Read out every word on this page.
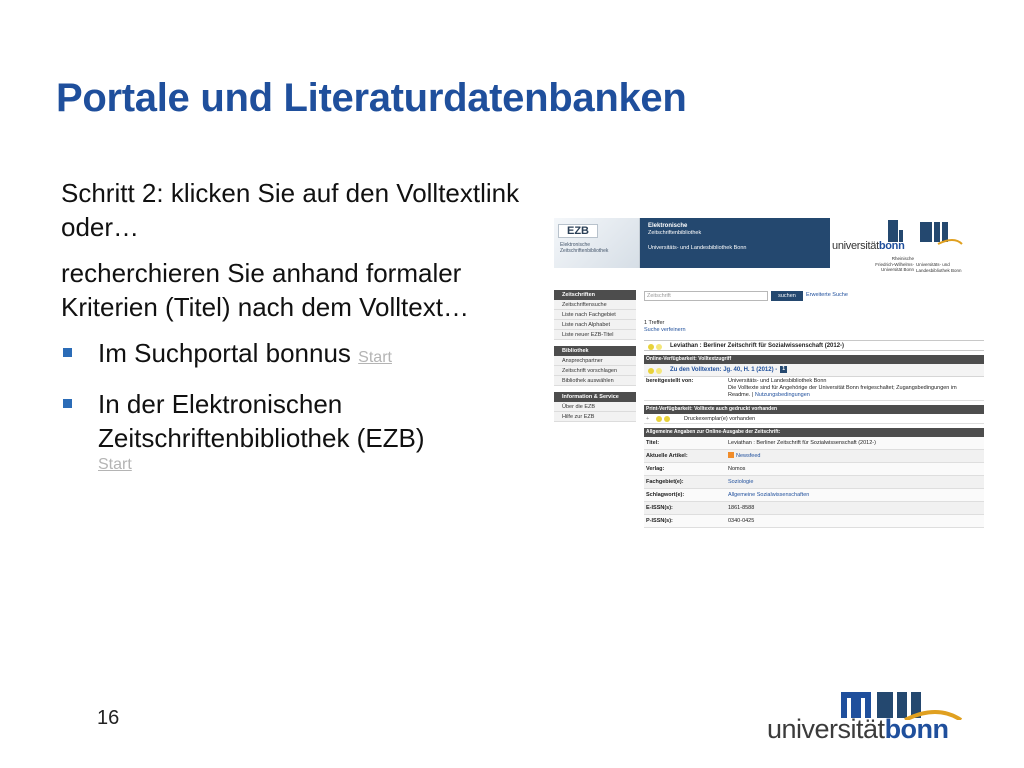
Portale und Literaturdatenbanken

Schritt 2: klicken Sie auf den Volltextlink oder…

recherchieren Sie anhand formaler Kriterien (Titel) nach dem Volltext…

Im Suchportal bonnus Start
In der Elektronischen Zeitschriftenbibliothek (EZB)
Start
EZB
Elektronische Zeitschriftenbibliothek
Elektronische
Zeitschriftenbibliothek
Universitäts- und Landesbibliothek Bonn	universitätbonn
Rheinische Friedrich-Wilhelms- Universität Bonn
Universitäts- und Landesbibliothek Bonn
Zeitschriften
Zeitschriftensuche
Liste nach Fachgebiet
Liste nach Alphabet
Liste neuer EZB-Titel
Bibliothek
Ansprechpartner
Zeitschrift vorschlagen
Bibliothek auswählen
Information & Service
Über die EZB
Hilfe zur EZB
Zeitschrift	suchen	Erweiterte Suche
1 Treffer
Suche verfeinern
Leviathan : Berliner Zeitschrift für Sozialwissenschaft (2012-)
Online-Verfügbarkeit: Volltextzugriff
Zu den Volltexten: Jg. 40, H. 1 (2012) - 1
bereitgestellt von:	Universitäts- und Landesbibliothek Bonn
Die Volltexte sind für Angehörige der Universität Bonn freigeschaltet; Zugangsbedingungen im
Readme. | Nutzungsbedingungen
Print-Verfügbarkeit: Volltexte auch gedruckt vorhanden
+	Druckexemplar(e) vorhanden
Allgemeine Angaben zur Online-Ausgabe der Zeitschrift:
Titel:	Leviathan : Berliner Zeitschrift für Sozialwissenschaft (2012-)
Aktuelle Artikel:	Newsfeed
Verlag:	Nomos
Fachgebiet(e):	Soziologie
Schlagwort(e):	Allgemeine Sozialwissenschaften
E-ISSN(s):	1861-8588
P-ISSN(s):	0340-0425
16	universitätbonn
